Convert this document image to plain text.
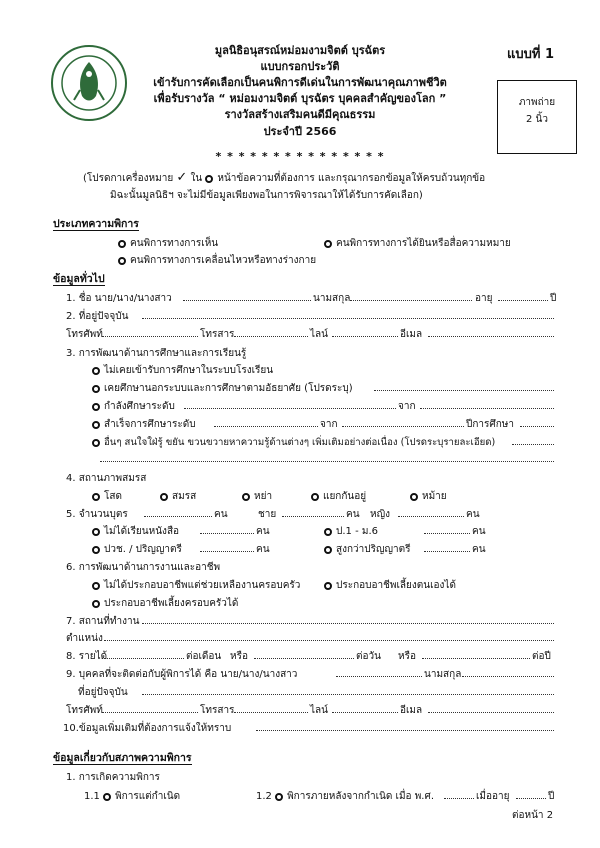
มูลนิธิอนุสรณ์หม่อมงามจิตต์ บุรฉัตร
แบบกรอกประวัติ
เข้ารับการคัดเลือกเป็นคนพิการดีเด่นในการพัฒนาคุณภาพชีวิต
เพื่อรับรางวัล “ หม่อมงามจิตต์ บุรฉัตร บุคคลสำคัญของโลก ”
รางวัลสร้างเสริมคนดีมีคุณธรรม
ประจำปี 2566
แบบที่ 1
ภาพถ่าย
2 นิ้ว
* * * * * * * * * * * * * * *
(โปรดกาเครื่องหมาย ✓ ใน หน้าข้อความที่ต้องการ และกรุณากรอกข้อมูลให้ครบถ้วนทุกข้อ
มิฉะนั้นมูลนิธิฯ จะไม่มีข้อมูลเพียงพอในการพิจารณาให้ได้รับการคัดเลือก)
ประเภทความพิการ
คนพิการทางการเห็น	คนพิการทางการได้ยินหรือสื่อความหมาย
คนพิการทางการเคลื่อนไหวหรือทางร่างกาย
ข้อมูลทั่วไป
1. ชื่อ นาย/นาง/นางสาว	นามสกุล	อายุ	ปี
2. ที่อยู่ปัจจุบัน
โทรศัพท์	โทรสาร	ไลน์	อีเมล
3. การพัฒนาด้านการศึกษาและการเรียนรู้
ไม่เคยเข้ารับการศึกษาในระบบโรงเรียน
เคยศึกษานอกระบบและการศึกษาตามอัธยาศัย (โปรดระบุ)
กำลังศึกษาระดับ	จาก
สำเร็จการศึกษาระดับ	จาก	ปีการศึกษา
อื่นๆ สนใจใฝ่รู้ ขยัน ขวนขวายหาความรู้ด้านต่างๆ เพิ่มเติมอย่างต่อเนื่อง (โปรดระบุรายละเอียด)
4. สถานภาพสมรส
โสด	สมรส	หย่า	แยกกันอยู่	หม้าย
5. จำนวนบุตร	คน	ชาย	คน หญิง	คน
ไม่ได้เรียนหนังสือ	คน	ป.1 - ม.6	คน
ปวช. / ปริญญาตรี	คน	สูงกว่าปริญญาตรี	คน
6. การพัฒนาด้านการงานและอาชีพ
ไม่ได้ประกอบอาชีพแต่ช่วยเหลืองานครอบครัว	ประกอบอาชีพเลี้ยงตนเองได้
ประกอบอาชีพเลี้ยงครอบครัวได้
7. สถานที่ทำงาน
ตำแหน่ง
8. รายได้	ต่อเดือน หรือ	ต่อวัน หรือ	ต่อปี
9. บุคคลที่จะติดต่อกับผู้พิการได้ คือ นาย/นาง/นางสาว	นามสกุล
ที่อยู่ปัจจุบัน
โทรศัพท์	โทรสาร	ไลน์	อีเมล
10.ข้อมูลเพิ่มเติมที่ต้องการแจ้งให้ทราบ
ข้อมูลเกี่ยวกับสภาพความพิการ
1. การเกิดความพิการ
1.1 พิการแต่กำเนิด	1.2 พิการภายหลังจากกำเนิด เมื่อ พ.ศ.	เมื่ออายุ	ปี
ต่อหน้า 2
